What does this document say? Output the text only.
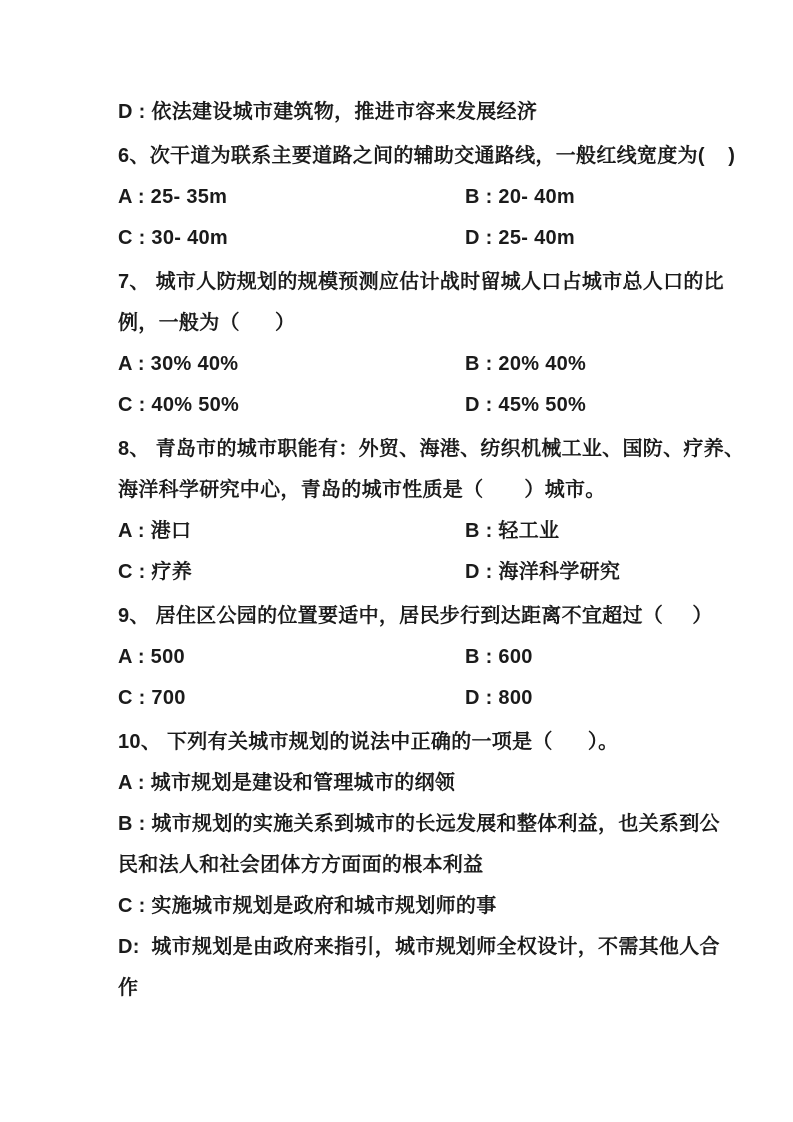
D : 依法建设城市建筑物，推进市容来发展经济

6、次干道为联系主要道路之间的辅助交通路线，一般红线宽度为(    )

A : 25- 35m	B : 20- 40m

C : 30- 40m	D : 25- 40m

7、 城市人防规划的规模预测应估计战时留城人口占城市总人口的比

例，一般为（      ）

A : 30% 40%	B : 20% 40%

C : 40% 50%	D : 45% 50%

8、 青岛市的城市职能有：外贸、海港、纺织机械工业、国防、疗养、

海洋科学研究中心，青岛的城市性质是（       ）城市。

A : 港口	B : 轻工业

C : 疗养	D : 海洋科学研究

9、 居住区公园的位置要适中，居民步行到达距离不宜超过（     ）

A : 500	B : 600

C : 700	D : 800

10、 下列有关城市规划的说法中正确的一项是（      ）。

A : 城市规划是建设和管理城市的纲领

B : 城市规划的实施关系到城市的长远发展和整体利益，也关系到公

民和法人和社会团体方方面面的根本利益

C : 实施城市规划是政府和城市规划师的事

D:  城市规划是由政府来指引，城市规划师全权设计，不需其他人合

作
